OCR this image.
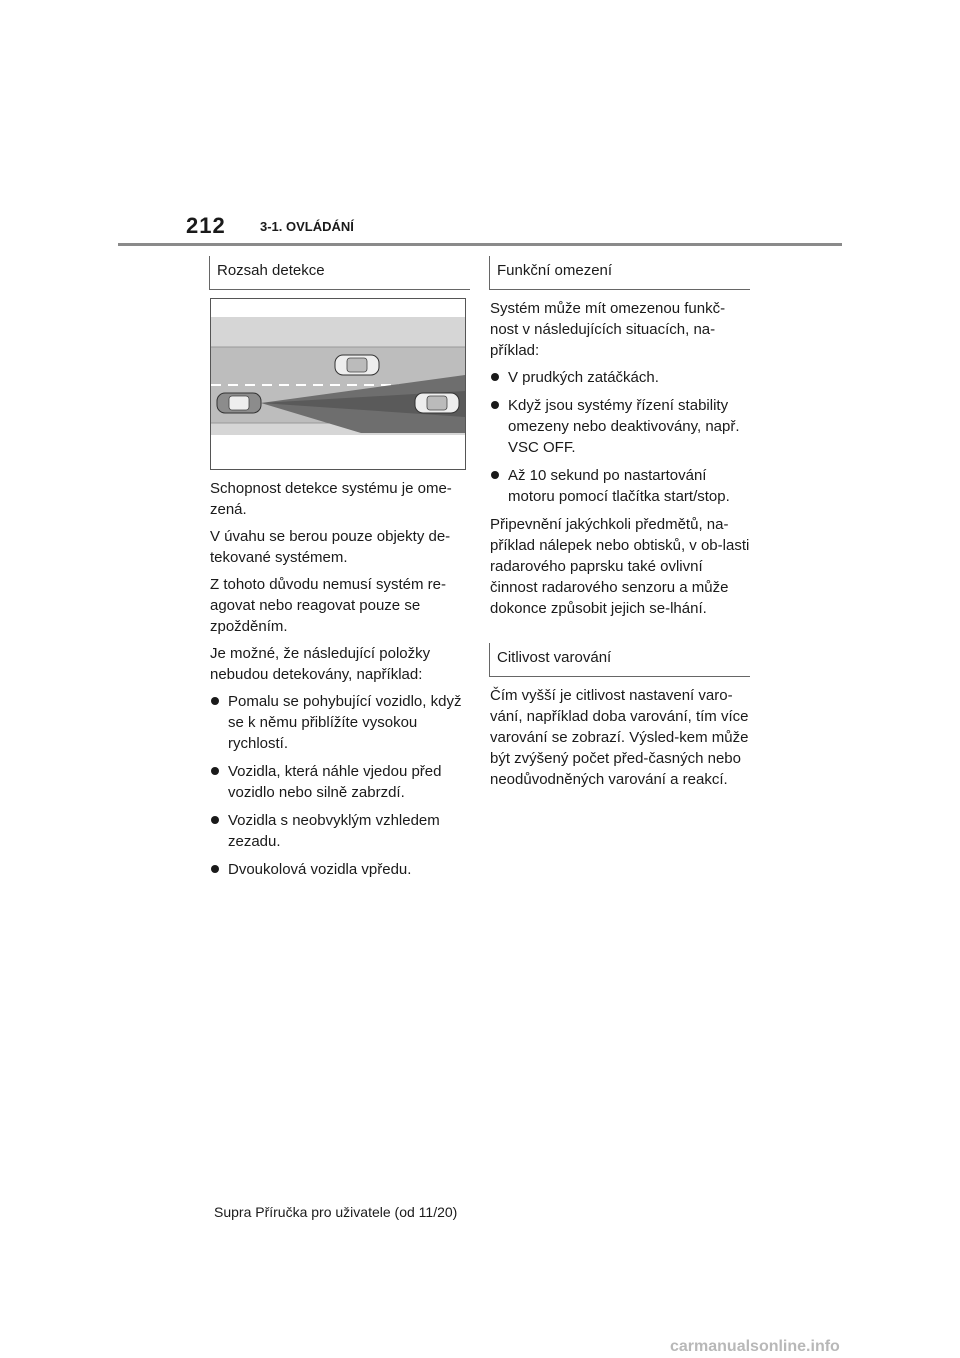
212	3-1. OVLÁDÁNÍ
Rozsah detekce

Schopnost detekce systému je ome-zená.

V úvahu se berou pouze objekty de-tekované systémem.

Z tohoto důvodu nemusí systém re-agovat nebo reagovat pouze se zpožděním.

Je možné, že následující položky nebudou detekovány, například:

Pomalu se pohybující vozidlo, když se k němu přiblížíte vysokou rychlostí.
Vozidla, která náhle vjedou před vozidlo nebo silně zabrzdí.
Vozidla s neobvyklým vzhledem zezadu.
Dvoukolová vozidla vpředu.
Funkční omezení

Systém může mít omezenou funkč-nost v následujících situacích, na-příklad:

V prudkých zatáčkách.
Když jsou systémy řízení stability omezeny nebo deaktivovány, např. VSC OFF.
Až 10 sekund po nastartování motoru pomocí tlačítka start/stop.

Připevnění jakýchkoli předmětů, na-příklad nálepek nebo obtisků, v ob-lasti radarového paprsku také ovlivní činnost radarového senzoru a může dokonce způsobit jejich se-lhání.

Citlivost varování

Čím vyšší je citlivost nastavení varo-vání, například doba varování, tím více varování se zobrazí. Výsled-kem může být zvýšený počet před-časných nebo neodůvodněných varování a reakcí.

Supra Příručka pro uživatele (od 11/20)
carmanualsonline.info
